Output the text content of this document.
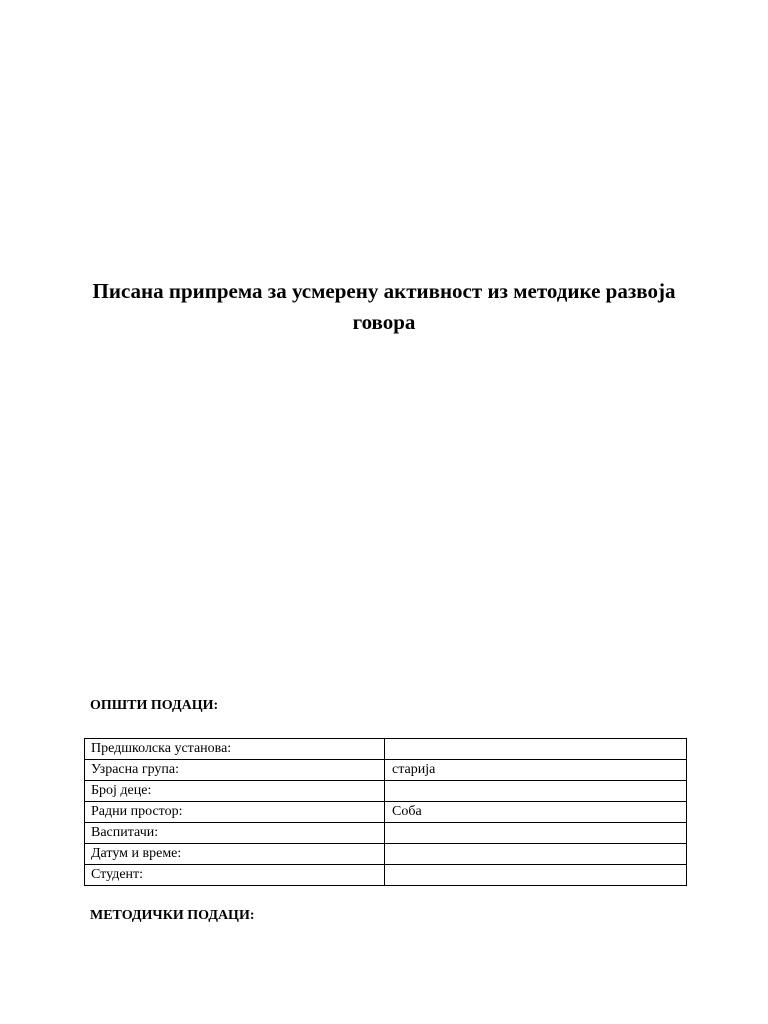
Писана припрема за усмерену активност из методике развоја говора
ОПШТИ ПОДАЦИ:
Предшколска установа:	
Узрасна група:	старија
Број деце:	
Радни простор:	Соба
Васпитачи:	
Датум и време:	
Студент:	
МЕТОДИЧКИ ПОДАЦИ:
